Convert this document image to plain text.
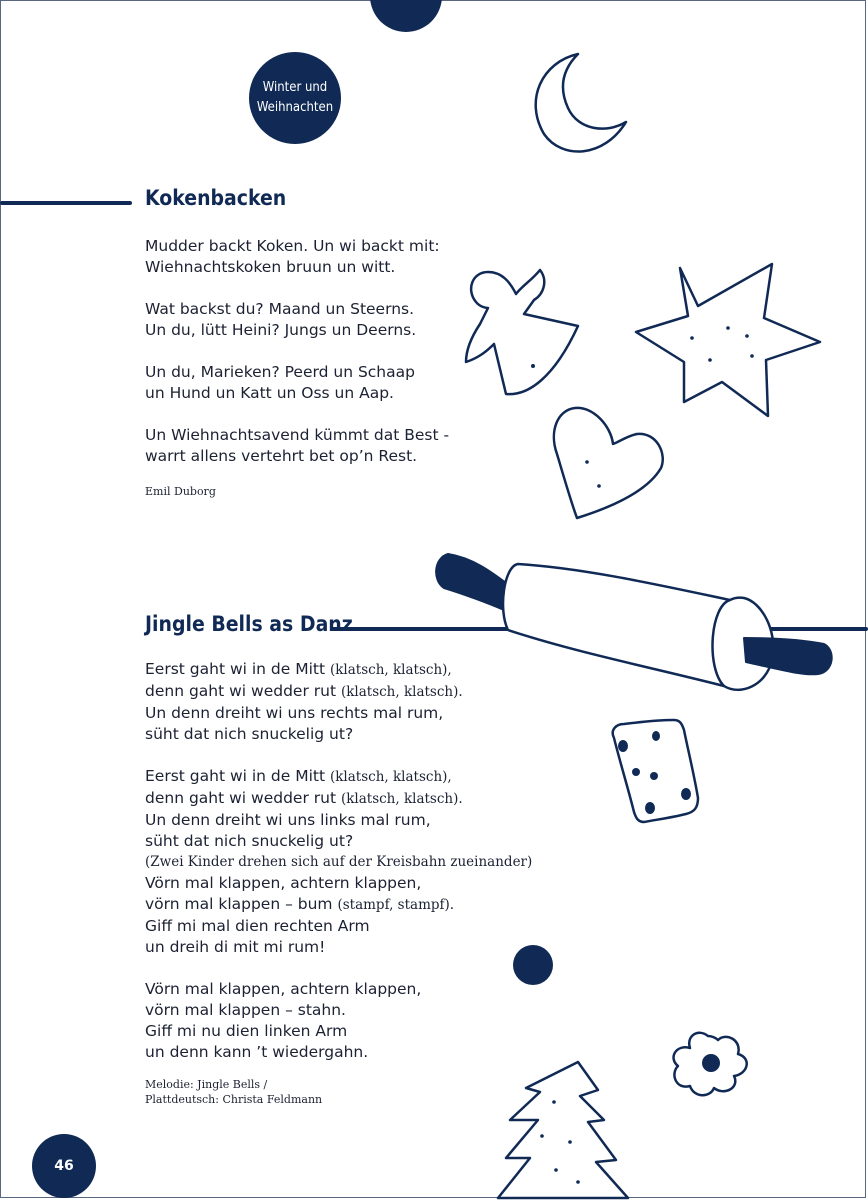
Winter und
Weihnachten
Kokenbacken
Mudder backt Koken. Un wi backt mit:
Wiehnachtskoken bruun un witt.
Wat backst du? Maand un Steerns.
Un du, lütt Heini? Jungs un Deerns.
Un du, Marieken? Peerd un Schaap
un Hund un Katt un Oss un Aap.
Un Wiehnachtsavend kümmt dat Best -
warrt allens vertehrt bet op’n Rest.
Emil Duborg
Jingle Bells as Danz
Eerst gaht wi in de Mitt (klatsch, klatsch),
denn gaht wi wedder rut (klatsch, klatsch).
Un denn dreiht wi uns rechts mal rum,
süht dat nich snuckelig ut?
Eerst gaht wi in de Mitt (klatsch, klatsch),
denn gaht wi wedder rut (klatsch, klatsch).
Un denn dreiht wi uns links mal rum,
süht dat nich snuckelig ut?
(Zwei Kinder drehen sich auf der Kreisbahn zueinander)
Vörn mal klappen, achtern klappen,
vörn mal klappen – bum (stampf, stampf).
Giff mi mal dien rechten Arm
un dreih di mit mi rum!
Vörn mal klappen, achtern klappen,
vörn mal klappen – stahn.
Giff mi nu dien linken Arm
un denn kann ’t wiedergahn.
Melodie: Jingle Bells /
Plattdeutsch: Christa Feldmann
46
